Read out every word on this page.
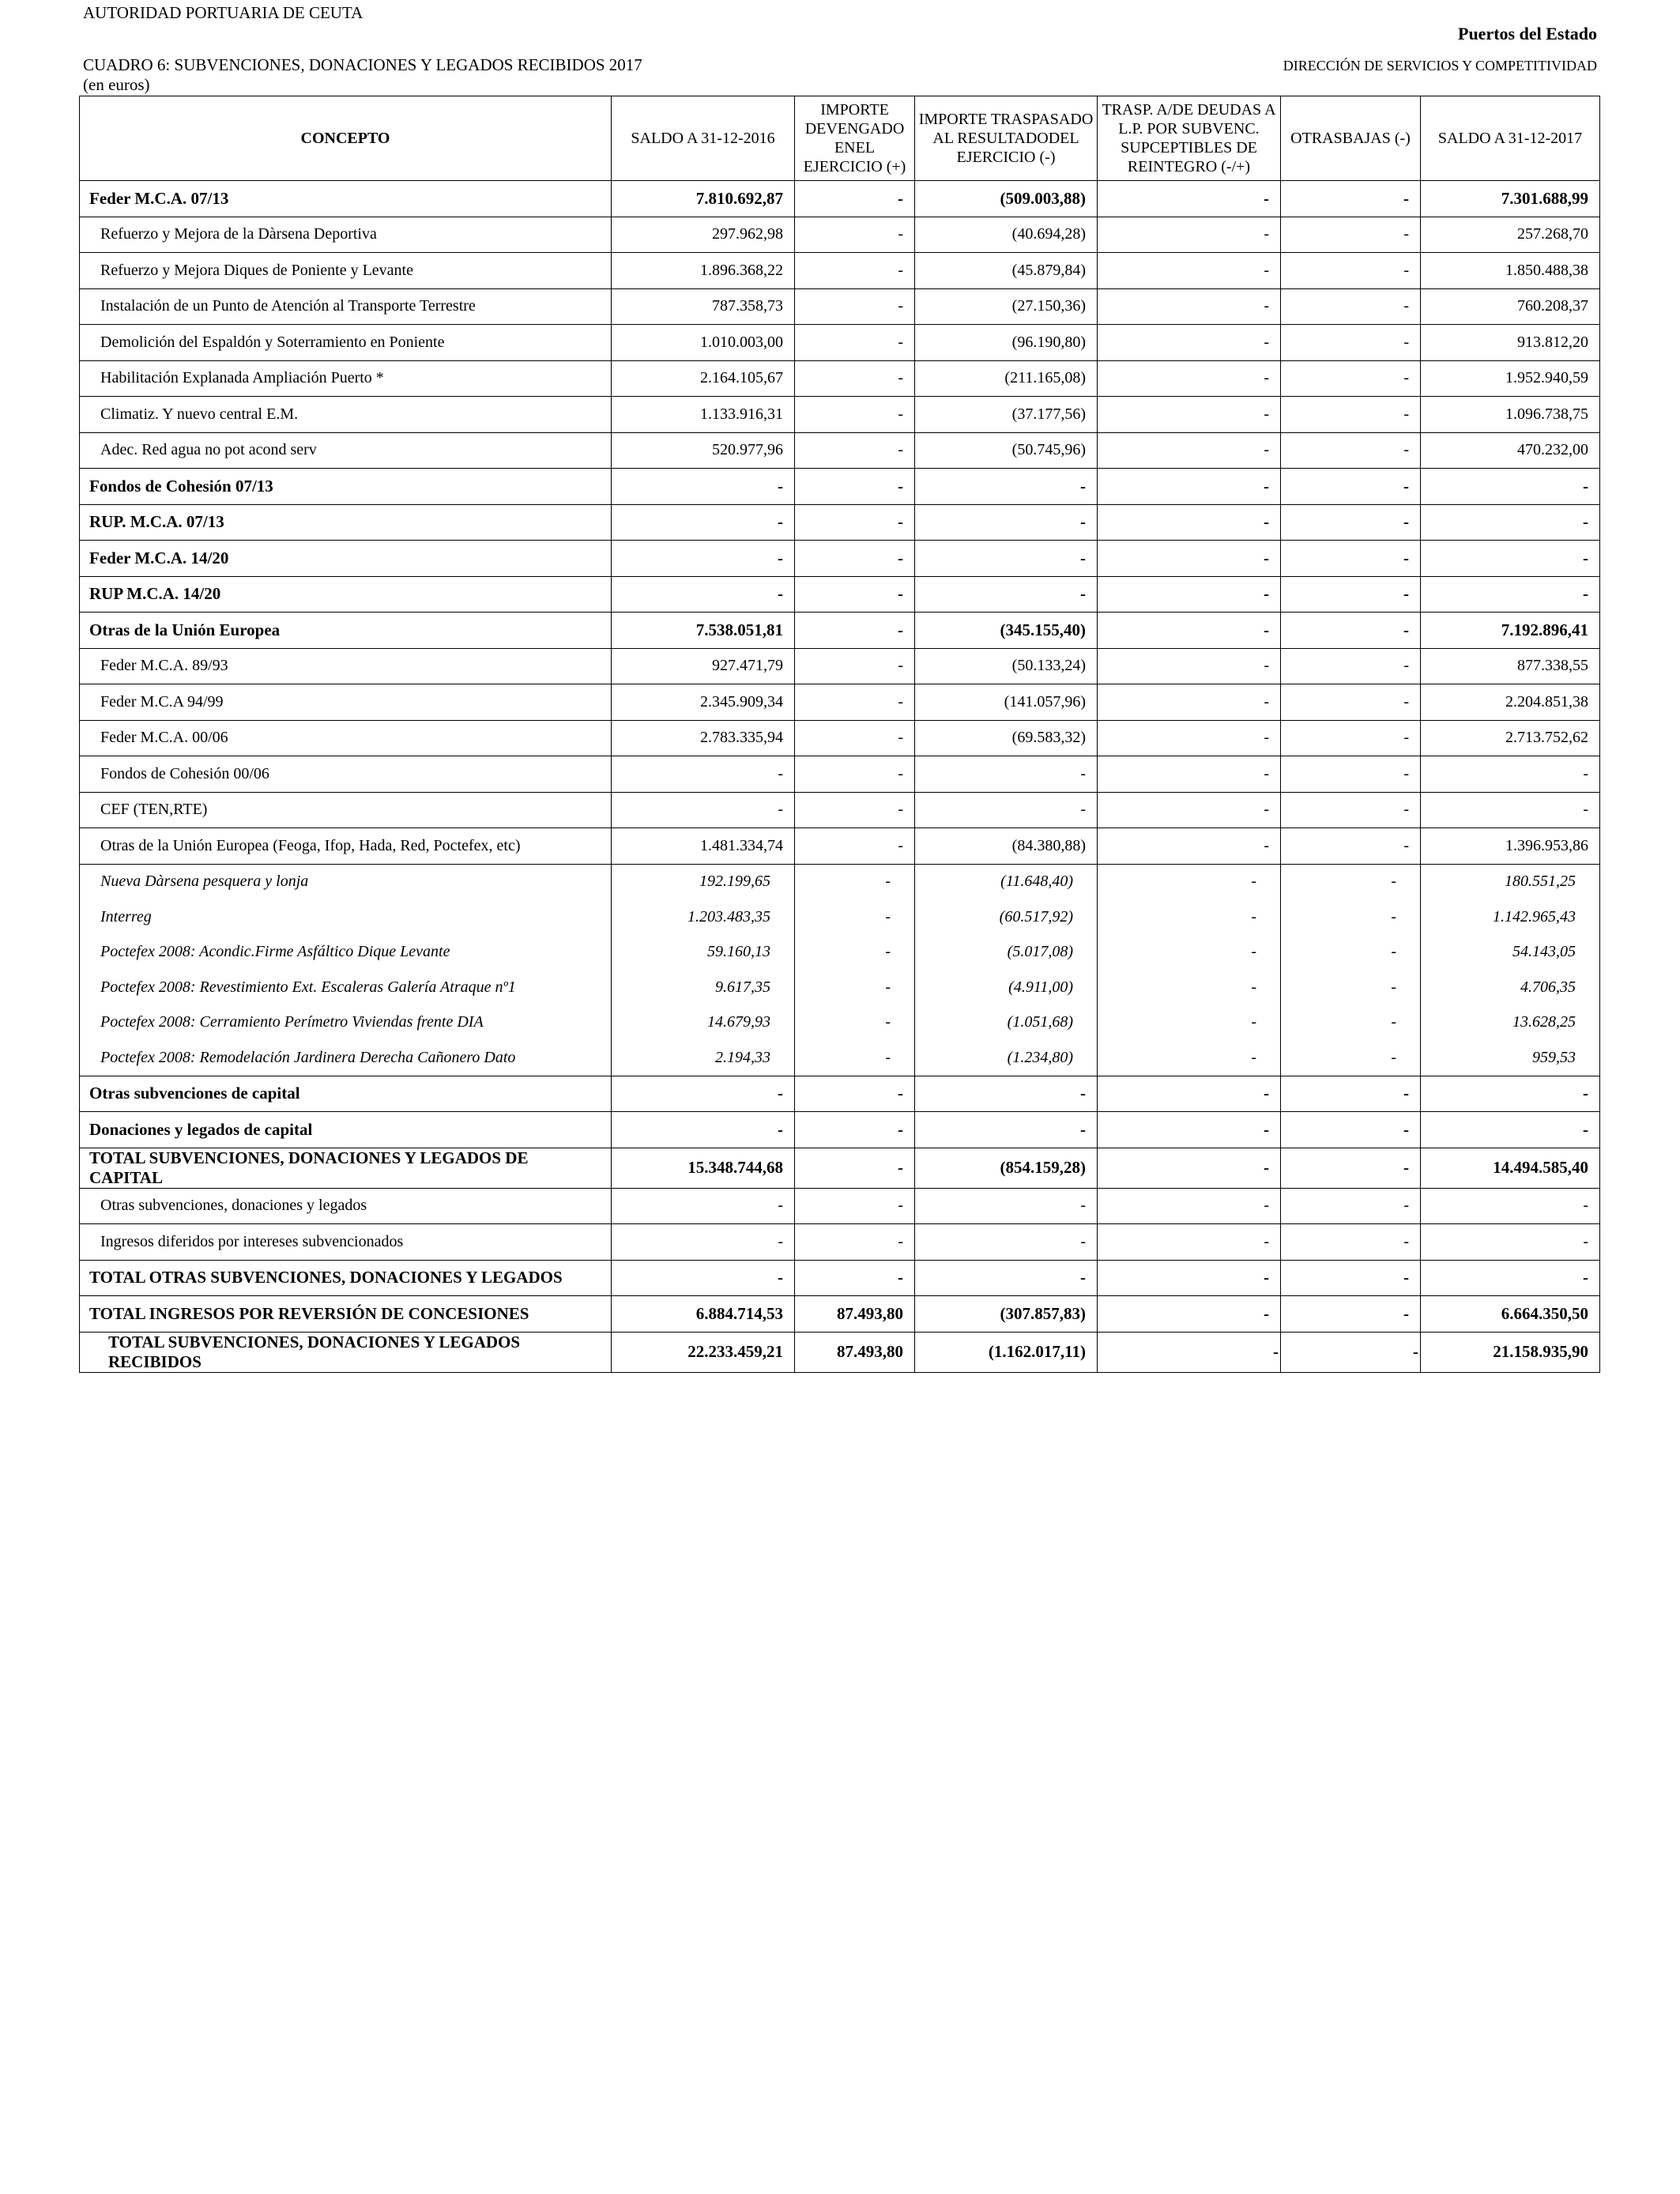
AUTORIDAD PORTUARIA DE CEUTA
Puertos del Estado
CUADRO 6: SUBVENCIONES, DONACIONES Y LEGADOS RECIBIDOS 2017	DIRECCIÓN DE SERVICIOS Y COMPETITIVIDAD
(en euros)
CONCEPTO	SALDO A 31-12-2016	IMPORTE DEVENGADO ENEL EJERCICIO (+)	IMPORTE TRASPASADO AL RESULTADODEL EJERCICIO (-)	TRASP. A/DE DEUDAS A L.P. POR SUBVENC. SUPCEPTIBLES DE REINTEGRO (-/+)	OTRASBAJAS (-)	SALDO A 31-12-2017
Feder M.C.A. 07/13	7.810.692,87	-	(509.003,88)	-	-	7.301.688,99
Refuerzo y Mejora de la Dàrsena Deportiva	297.962,98	-	(40.694,28)	-	-	257.268,70
Refuerzo y Mejora Diques de Poniente y Levante	1.896.368,22	-	(45.879,84)	-	-	1.850.488,38
Instalación de un Punto de Atención al Transporte Terrestre	787.358,73	-	(27.150,36)	-	-	760.208,37
Demolición del Espaldón y Soterramiento en Poniente	1.010.003,00	-	(96.190,80)	-	-	913.812,20
Habilitación Explanada Ampliación Puerto *	2.164.105,67	-	(211.165,08)	-	-	1.952.940,59
Climatiz. Y nuevo central E.M.	1.133.916,31	-	(37.177,56)	-	-	1.096.738,75
Adec. Red agua no pot acond serv	520.977,96	-	(50.745,96)	-	-	470.232,00
Fondos de Cohesión 07/13	-	-	-	-	-	-
RUP. M.C.A. 07/13	-	-	-	-	-	-
Feder M.C.A. 14/20	-	-	-	-	-	-
RUP M.C.A. 14/20	-	-	-	-	-	-
Otras de la Unión Europea	7.538.051,81	-	(345.155,40)	-	-	7.192.896,41
Feder M.C.A. 89/93	927.471,79	-	(50.133,24)	-	-	877.338,55
Feder M.C.A 94/99	2.345.909,34	-	(141.057,96)	-	-	2.204.851,38
Feder M.C.A. 00/06	2.783.335,94	-	(69.583,32)	-	-	2.713.752,62
Fondos de Cohesión 00/06	-	-	-	-	-	-
CEF (TEN,RTE)	-	-	-	-	-	-
Otras de la Unión Europea (Feoga, Ifop, Hada, Red, Poctefex, etc)	1.481.334,74	-	(84.380,88)	-	-	1.396.953,86
Nueva Dàrsena pesquera y lonja	192.199,65	-	(11.648,40)	-	-	180.551,25
Interreg	1.203.483,35	-	(60.517,92)	-	-	1.142.965,43
Poctefex 2008: Acondic.Firme Asfáltico Dique Levante	59.160,13	-	(5.017,08)	-	-	54.143,05
Poctefex 2008: Revestimiento Ext. Escaleras Galería Atraque nº1	9.617,35	-	(4.911,00)	-	-	4.706,35
Poctefex 2008: Cerramiento Perímetro Viviendas frente DIA	14.679,93	-	(1.051,68)	-	-	13.628,25
Poctefex 2008: Remodelación Jardinera Derecha Cañonero Dato	2.194,33	-	(1.234,80)	-	-	959,53
Otras subvenciones de capital	-	-	-	-	-	-
Donaciones y legados de capital	-	-	-	-	-	-
TOTAL SUBVENCIONES, DONACIONES Y LEGADOS DE CAPITAL	15.348.744,68	-	(854.159,28)	-	-	14.494.585,40
Otras subvenciones, donaciones y legados	-	-	-	-	-	-
Ingresos diferidos por intereses subvencionados	-	-	-	-	-	-
TOTAL OTRAS SUBVENCIONES, DONACIONES Y LEGADOS	-	-	-	-	-	-
TOTAL INGRESOS POR REVERSIÓN DE CONCESIONES	6.884.714,53	87.493,80	(307.857,83)	-	-	6.664.350,50
TOTAL SUBVENCIONES, DONACIONES Y LEGADOS RECIBIDOS	22.233.459,21	87.493,80	(1.162.017,11)	-	-	21.158.935,90
